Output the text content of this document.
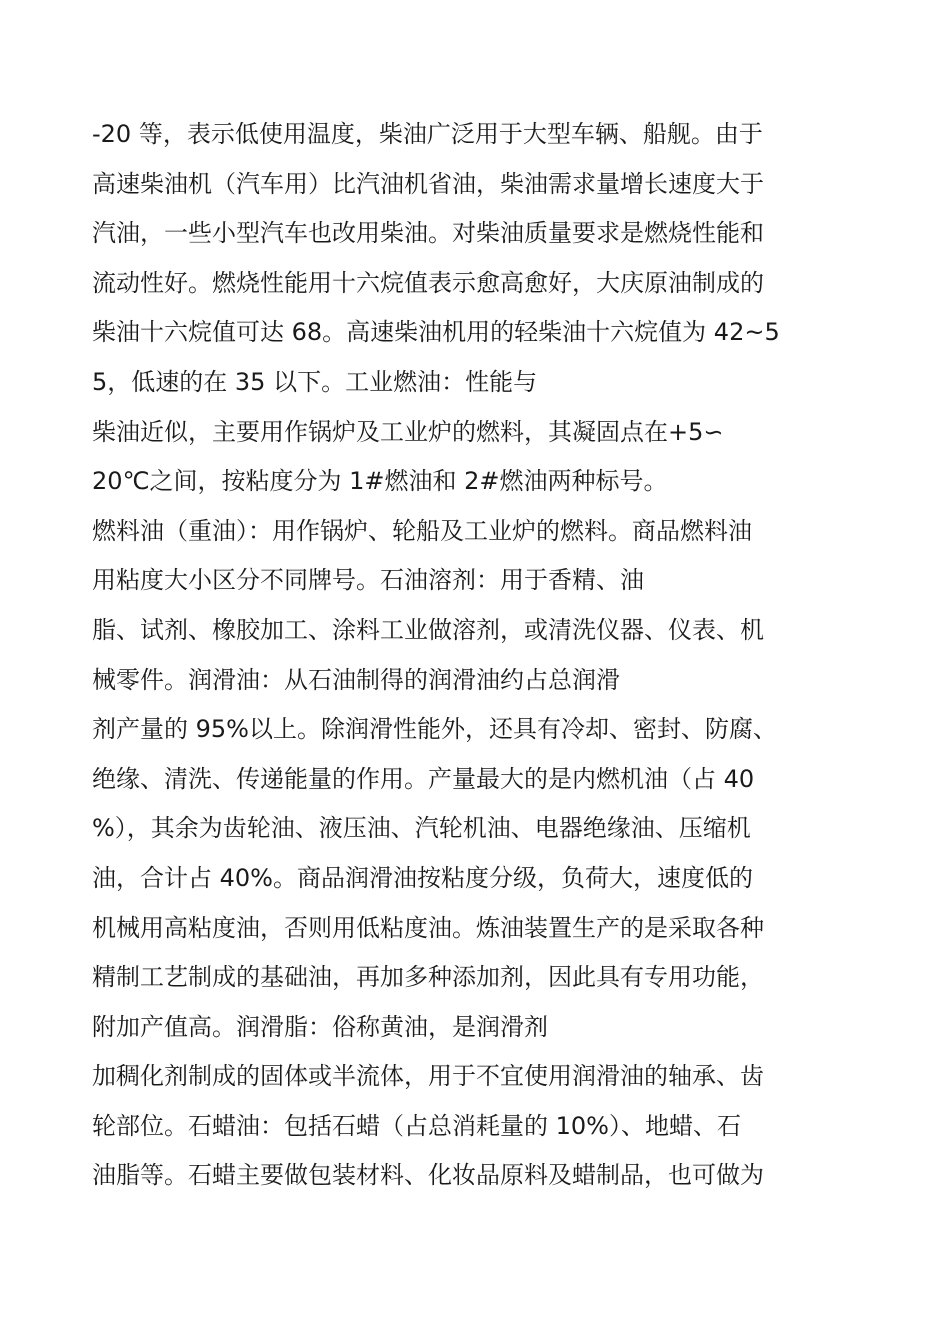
-20 等，表示低使用温度，柴油广泛用于大型车辆、船舰。由于
高速柴油机（汽车用）比汽油机省油，柴油需求量增长速度大于
汽油，一些小型汽车也改用柴油。对柴油质量要求是燃烧性能和
流动性好。燃烧性能用十六烷值表示愈高愈好，大庆原油制成的
柴油十六烷值可达 68。高速柴油机用的轻柴油十六烷值为 42~5
5，低速的在 35 以下。工业燃油：性能与
柴油近似，主要用作锅炉及工业炉的燃料，其凝固点在+5∽
20℃之间，按粘度分为 1#燃油和 2#燃油两种标号。
燃料油（重油）：用作锅炉、轮船及工业炉的燃料。商品燃料油
用粘度大小区分不同牌号。石油溶剂：用于香精、油
脂、试剂、橡胶加工、涂料工业做溶剂，或清洗仪器、仪表、机
械零件。润滑油：从石油制得的润滑油约占总润滑
剂产量的 95%以上。除润滑性能外，还具有冷却、密封、防腐、
绝缘、清洗、传递能量的作用。产量最大的是内燃机油（占 40
%），其余为齿轮油、液压油、汽轮机油、电器绝缘油、压缩机
油，合计占 40%。商品润滑油按粘度分级，负荷大，速度低的
机械用高粘度油，否则用低粘度油。炼油装置生产的是采取各种
精制工艺制成的基础油，再加多种添加剂，因此具有专用功能，
附加产值高。润滑脂：俗称黄油，是润滑剂
加稠化剂制成的固体或半流体，用于不宜使用润滑油的轴承、齿
轮部位。石蜡油：包括石蜡（占总消耗量的 10%）、地蜡、石
油脂等。石蜡主要做包装材料、化妆品原料及蜡制品，也可做为
